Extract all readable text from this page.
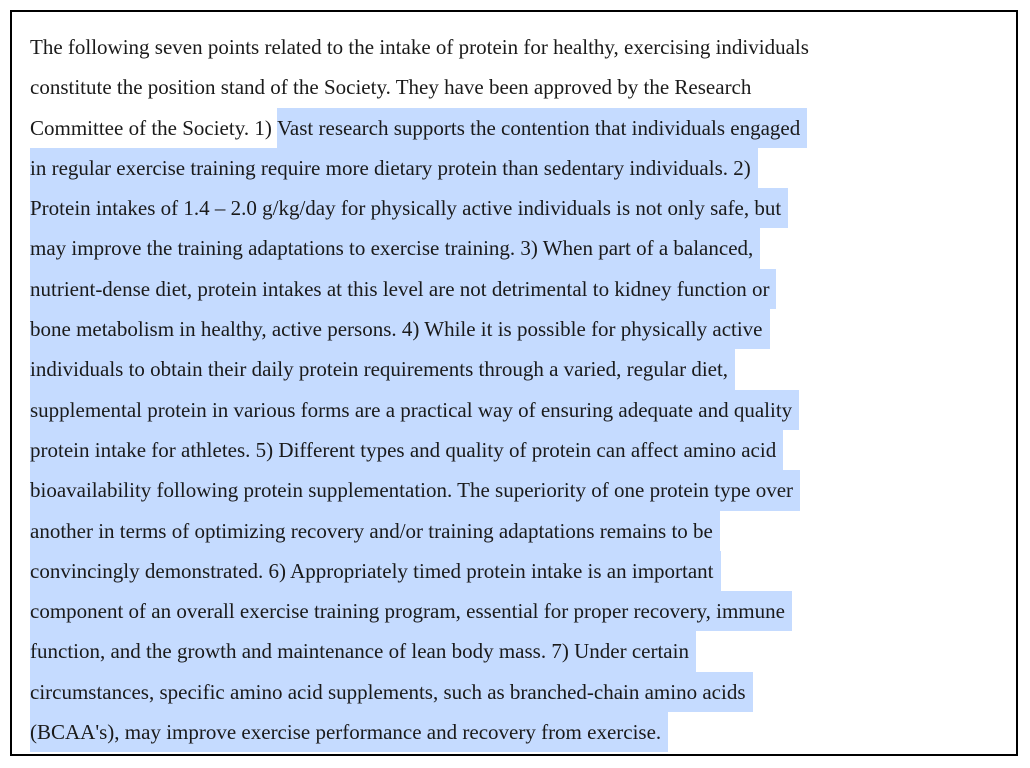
The following seven points related to the intake of protein for healthy, exercising individuals
constitute the position stand of the Society. They have been approved by the Research
Committee of the Society. 1) Vast research supports the contention that individuals engaged
in regular exercise training require more dietary protein than sedentary individuals. 2)
Protein intakes of 1.4 – 2.0 g/kg/day for physically active individuals is not only safe, but
may improve the training adaptations to exercise training. 3) When part of a balanced,
nutrient-dense diet, protein intakes at this level are not detrimental to kidney function or
bone metabolism in healthy, active persons. 4) While it is possible for physically active
individuals to obtain their daily protein requirements through a varied, regular diet,
supplemental protein in various forms are a practical way of ensuring adequate and quality
protein intake for athletes. 5) Different types and quality of protein can affect amino acid
bioavailability following protein supplementation. The superiority of one protein type over
another in terms of optimizing recovery and/or training adaptations remains to be
convincingly demonstrated. 6) Appropriately timed protein intake is an important
component of an overall exercise training program, essential for proper recovery, immune
function, and the growth and maintenance of lean body mass. 7) Under certain
circumstances, specific amino acid supplements, such as branched-chain amino acids
(BCAA's), may improve exercise performance and recovery from exercise.
